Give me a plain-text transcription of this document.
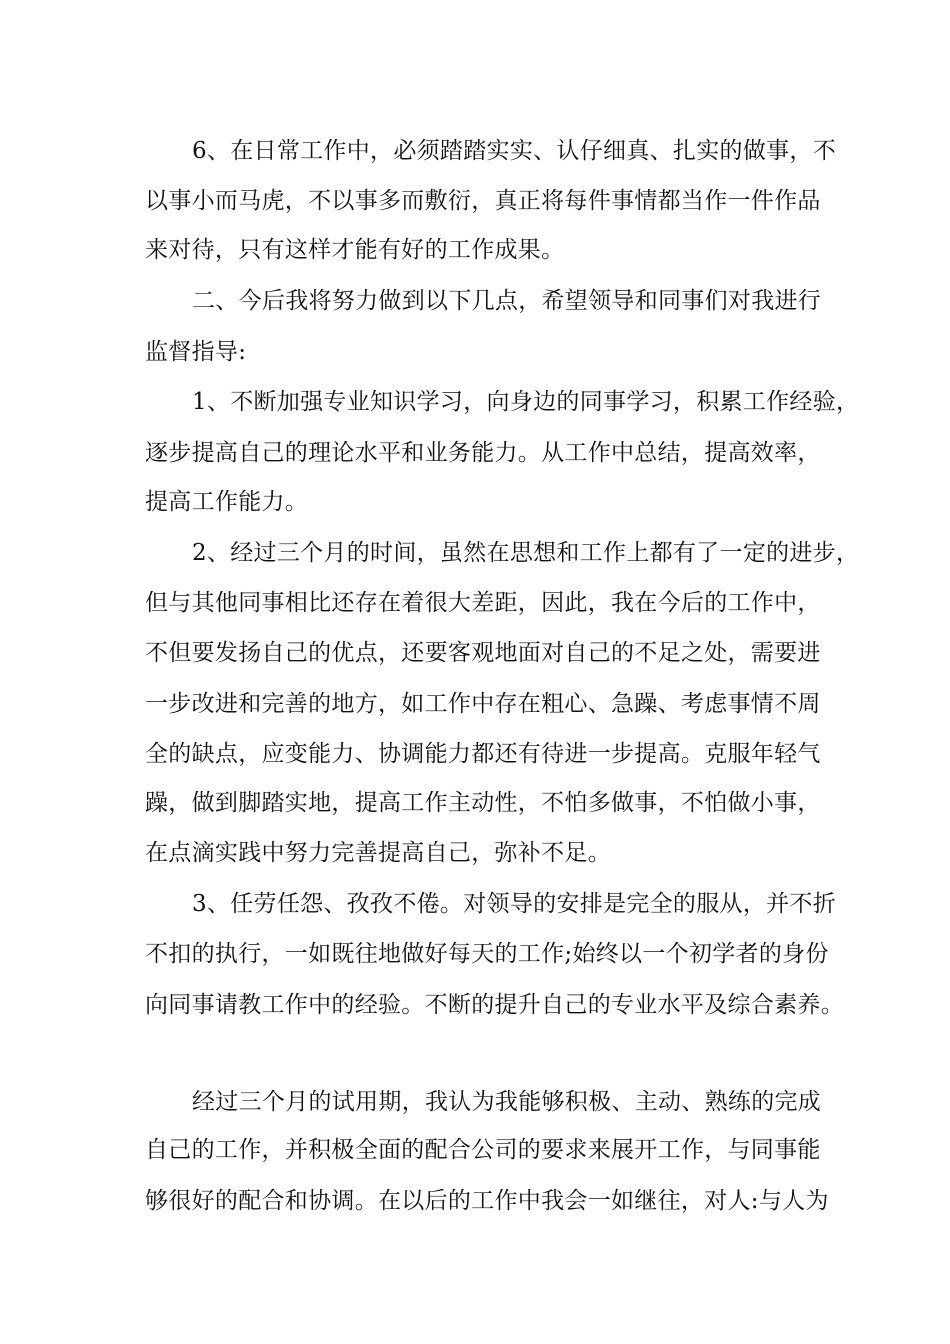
6、在日常工作中，必须踏踏实实、认仔细真、扎实的做事，不
以事小而马虎，不以事多而敷衍，真正将每件事情都当作一件作品
来对待，只有这样才能有好的工作成果。
二、今后我将努力做到以下几点，希望领导和同事们对我进行
监督指导:
1、不断加强专业知识学习，向身边的同事学习，积累工作经验，
逐步提高自己的理论水平和业务能力。从工作中总结，提高效率，
提高工作能力。
2、经过三个月的时间，虽然在思想和工作上都有了一定的进步，
但与其他同事相比还存在着很大差距，因此，我在今后的工作中，
不但要发扬自己的优点，还要客观地面对自己的不足之处，需要进
一步改进和完善的地方，如工作中存在粗心、急躁、考虑事情不周
全的缺点，应变能力、协调能力都还有待进一步提高。克服年轻气
躁，做到脚踏实地，提高工作主动性，不怕多做事，不怕做小事，
在点滴实践中努力完善提高自己，弥补不足。
3、任劳任怨、孜孜不倦。对领导的安排是完全的服从，并不折
不扣的执行，一如既往地做好每天的工作;始终以一个初学者的身份
向同事请教工作中的经验。不断的提升自己的专业水平及综合素养。
经过三个月的试用期，我认为我能够积极、主动、熟练的完成
自己的工作，并积极全面的配合公司的要求来展开工作，与同事能
够很好的配合和协调。在以后的工作中我会一如继往，对人:与人为
